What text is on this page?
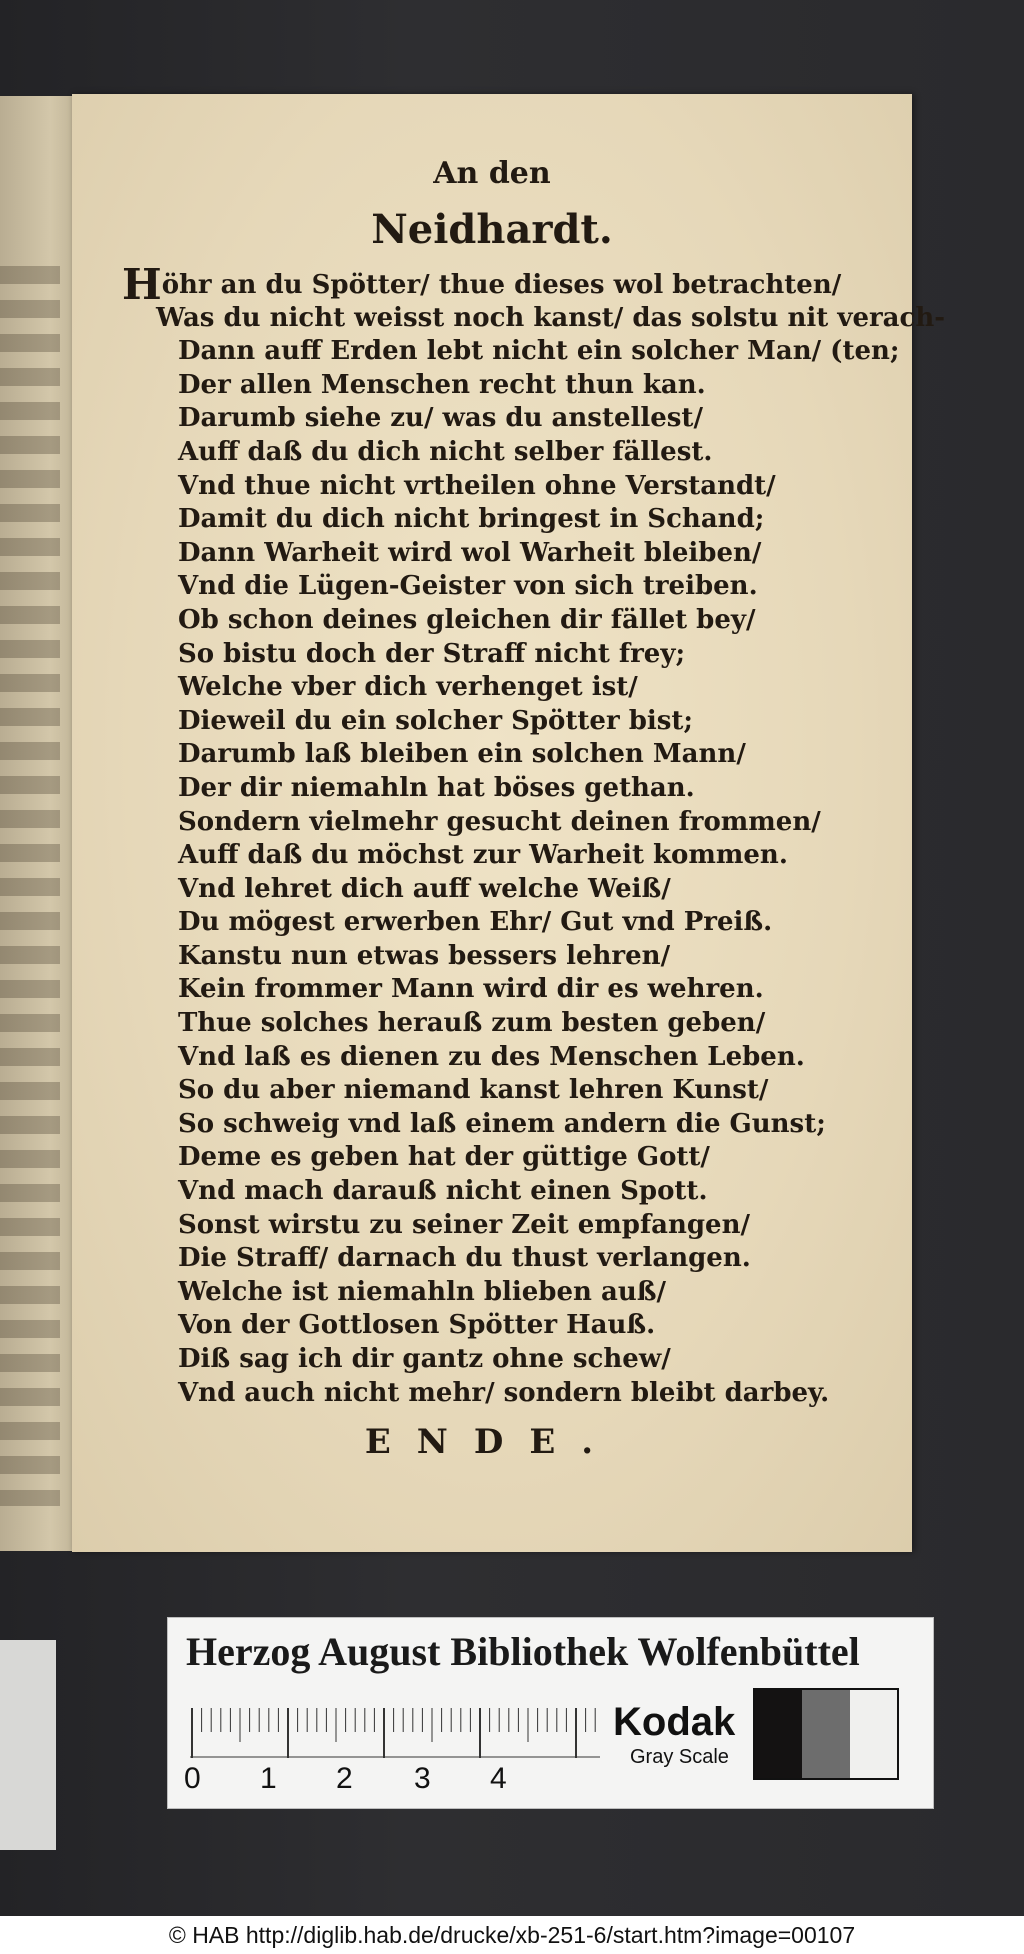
An den
Neidhardt.
Höhr an du Spötter/ thue dieses wol betrachten/
Was du nicht weisst noch kanst/ das solstu nit verach-
Dann auff Erden lebt nicht ein solcher Man/ (ten;
Der allen Menschen recht thun kan.
Darumb siehe zu/ was du anstellest/
Auff daß du dich nicht selber fällest.
Vnd thue nicht vrtheilen ohne Verstandt/
Damit du dich nicht bringest in Schand;
Dann Warheit wird wol Warheit bleiben/
Vnd die Lügen-Geister von sich treiben.
Ob schon deines gleichen dir fället bey/
So bistu doch der Straff nicht frey;
Welche vber dich verhenget ist/
Dieweil du ein solcher Spötter bist;
Darumb laß bleiben ein solchen Mann/
Der dir niemahln hat böses gethan.
Sondern vielmehr gesucht deinen frommen/
Auff daß du möchst zur Warheit kommen.
Vnd lehret dich auff welche Weiß/
Du mögest erwerben Ehr/ Gut vnd Preiß.
Kanstu nun etwas bessers lehren/
Kein frommer Mann wird dir es wehren.
Thue solches herauß zum besten geben/
Vnd laß es dienen zu des Menschen Leben.
So du aber niemand kanst lehren Kunst/
So schweig vnd laß einem andern die Gunst;
Deme es geben hat der güttige Gott/
Vnd mach darauß nicht einen Spott.
Sonst wirstu zu seiner Zeit empfangen/
Die Straff/ darnach du thust verlangen.
Welche ist niemahln blieben auß/
Von der Gottlosen Spötter Hauß.
Diß sag ich dir gantz ohne schew/
Vnd auch nicht mehr/ sondern bleibt darbey.
ENDE.
Herzog August Bibliothek Wolfenbüttel
0 1 2 3 4
Kodak
Gray Scale
© HAB http://diglib.hab.de/drucke/xb-251-6/start.htm?image=00107
